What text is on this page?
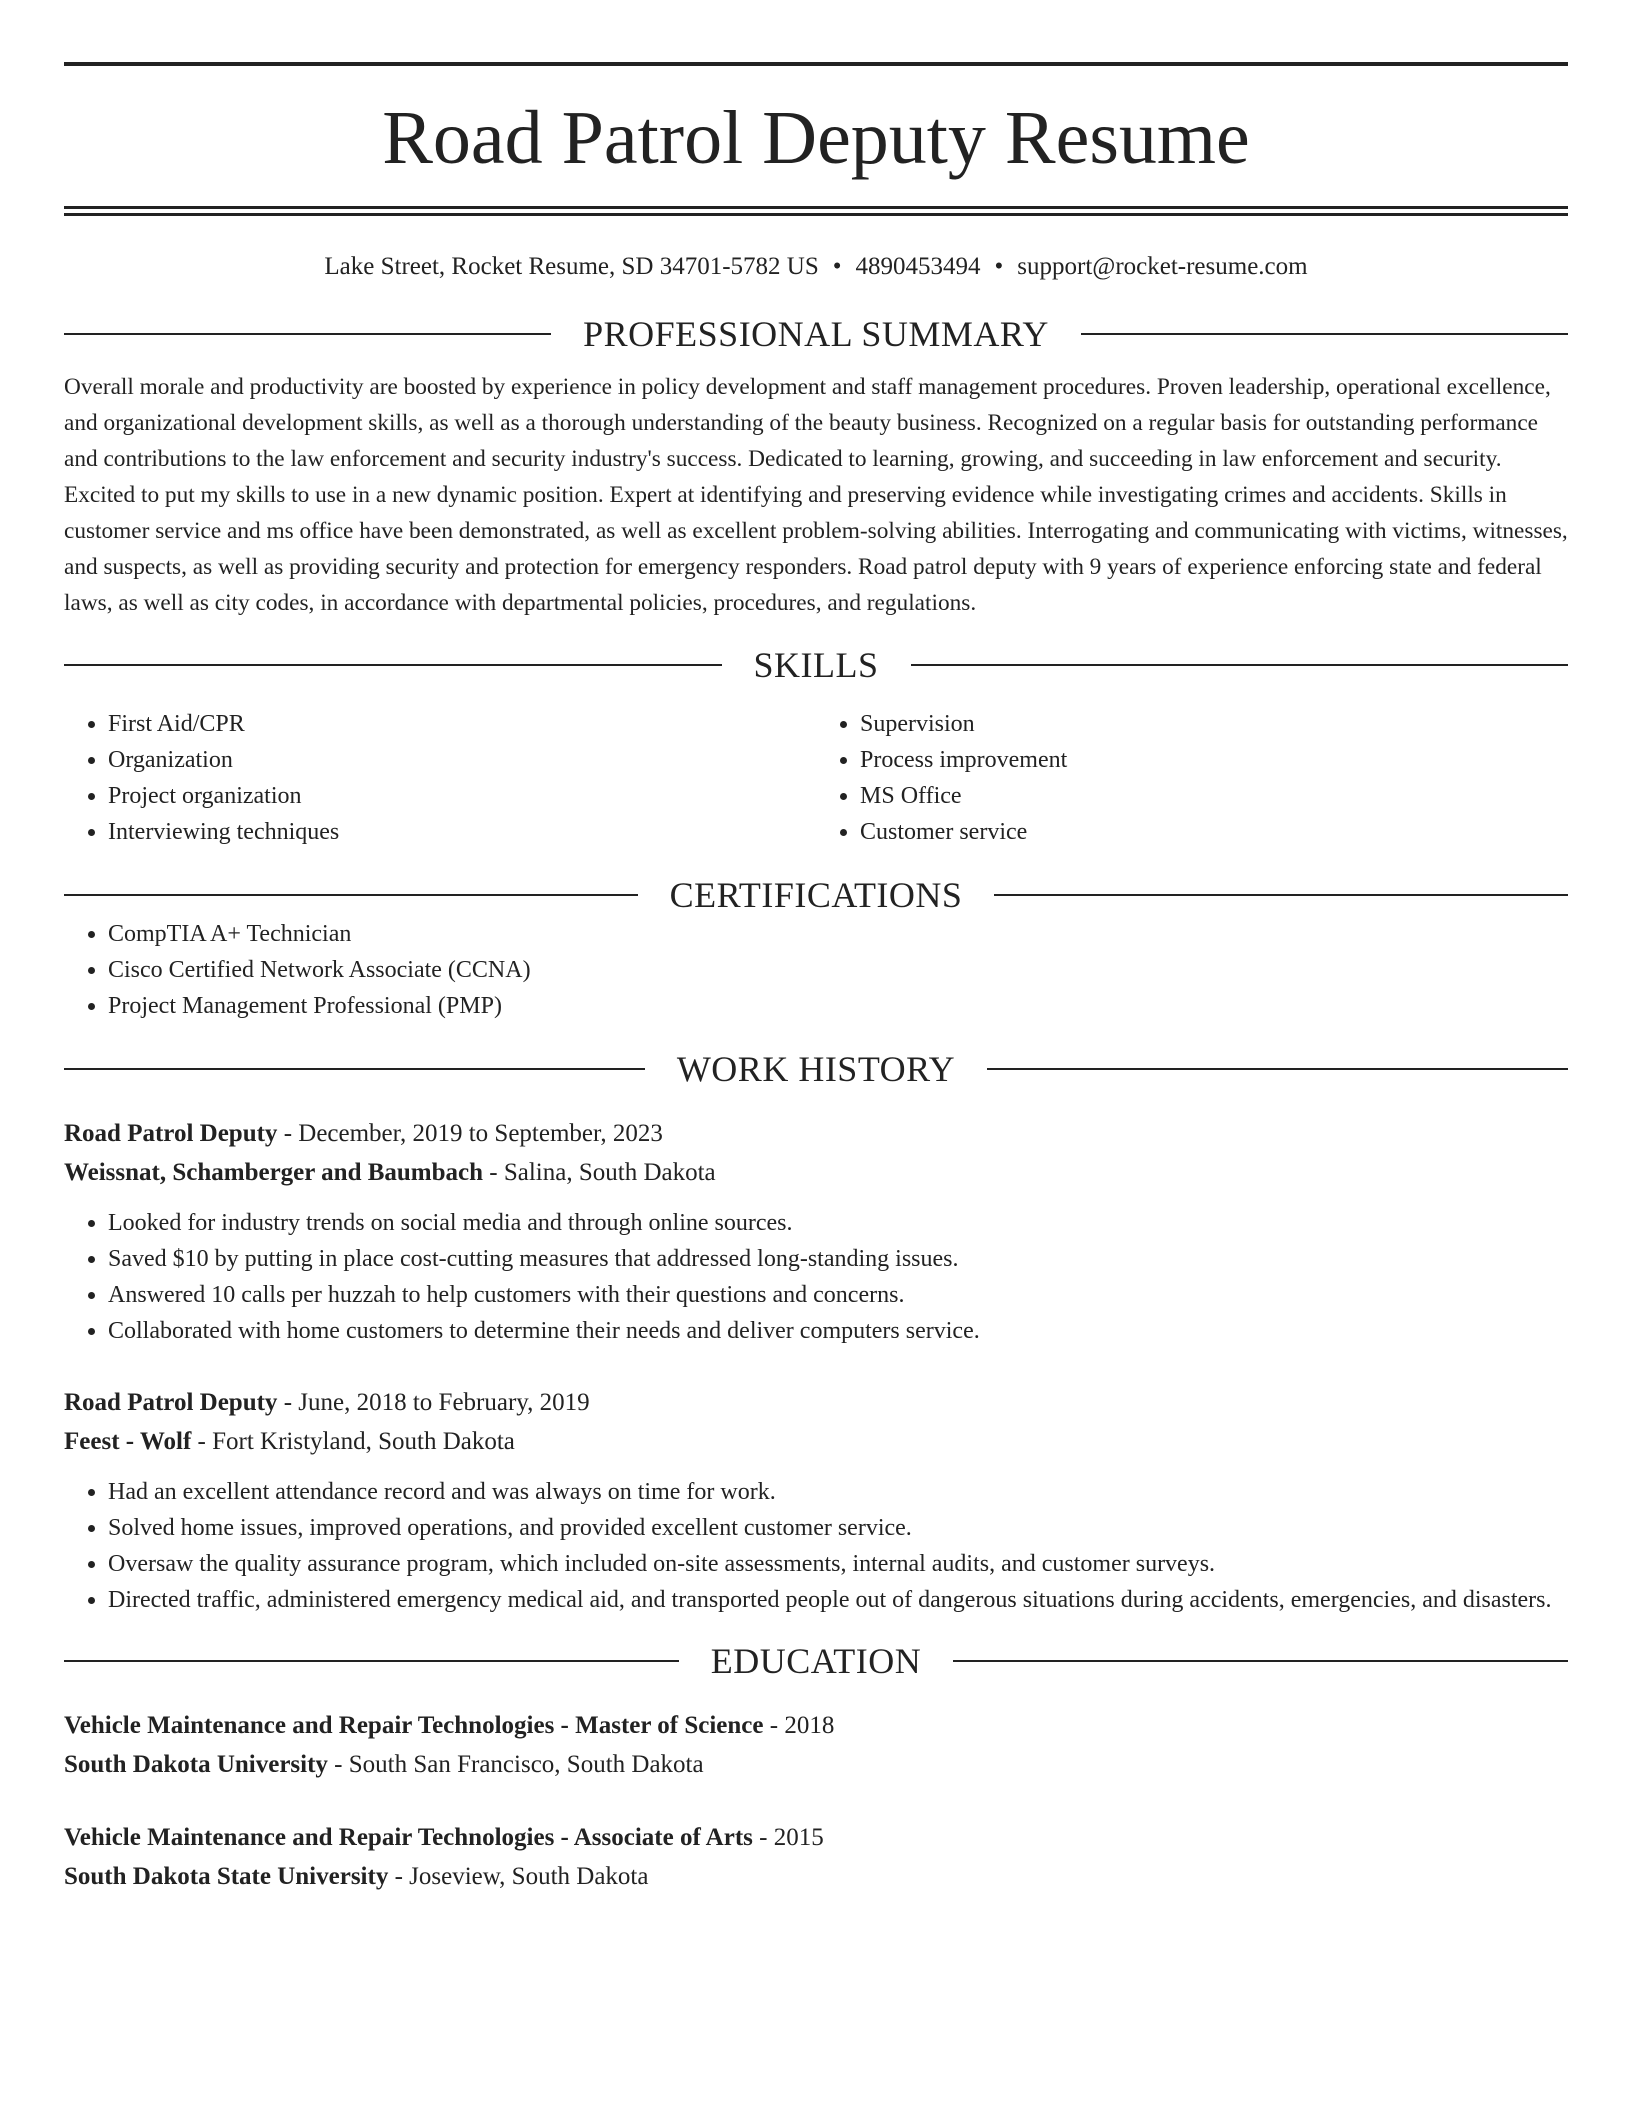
Road Patrol Deputy Resume
Lake Street, Rocket Resume, SD 34701-5782 US • 4890453494 • support@rocket-resume.com
PROFESSIONAL SUMMARY

Overall morale and productivity are boosted by experience in policy development and staff management procedures. Proven leadership, operational excellence, and organizational development skills, as well as a thorough understanding of the beauty business. Recognized on a regular basis for outstanding performance and contributions to the law enforcement and security industry's success. Dedicated to learning, growing, and succeeding in law enforcement and security. Excited to put my skills to use in a new dynamic position. Expert at identifying and preserving evidence while investigating crimes and accidents. Skills in customer service and ms office have been demonstrated, as well as excellent problem-solving abilities. Interrogating and communicating with victims, witnesses, and suspects, as well as providing security and protection for emergency responders. Road patrol deputy with 9 years of experience enforcing state and federal laws, as well as city codes, in accordance with departmental policies, procedures, and regulations.

SKILLS
• First Aid/CPR
• Organization
• Project organization
• Interviewing techniques
• Supervision
• Process improvement
• MS Office
• Customer service
CERTIFICATIONS
• CompTIA A+ Technician
• Cisco Certified Network Associate (CCNA)
• Project Management Professional (PMP)
WORK HISTORY
Road Patrol Deputy - December, 2019 to September, 2023
Weissnat, Schamberger and Baumbach - Salina, South Dakota
• Looked for industry trends on social media and through online sources.
• Saved $10 by putting in place cost-cutting measures that addressed long-standing issues.
• Answered 10 calls per huzzah to help customers with their questions and concerns.
• Collaborated with home customers to determine their needs and deliver computers service.
Road Patrol Deputy - June, 2018 to February, 2019
Feest - Wolf - Fort Kristyland, South Dakota
• Had an excellent attendance record and was always on time for work.
• Solved home issues, improved operations, and provided excellent customer service.
• Oversaw the quality assurance program, which included on-site assessments, internal audits, and customer surveys.
• Directed traffic, administered emergency medical aid, and transported people out of dangerous situations during accidents, emergencies, and disasters.
EDUCATION
Vehicle Maintenance and Repair Technologies - Master of Science - 2018
South Dakota University - South San Francisco, South Dakota
Vehicle Maintenance and Repair Technologies - Associate of Arts - 2015
South Dakota State University - Joseview, South Dakota
